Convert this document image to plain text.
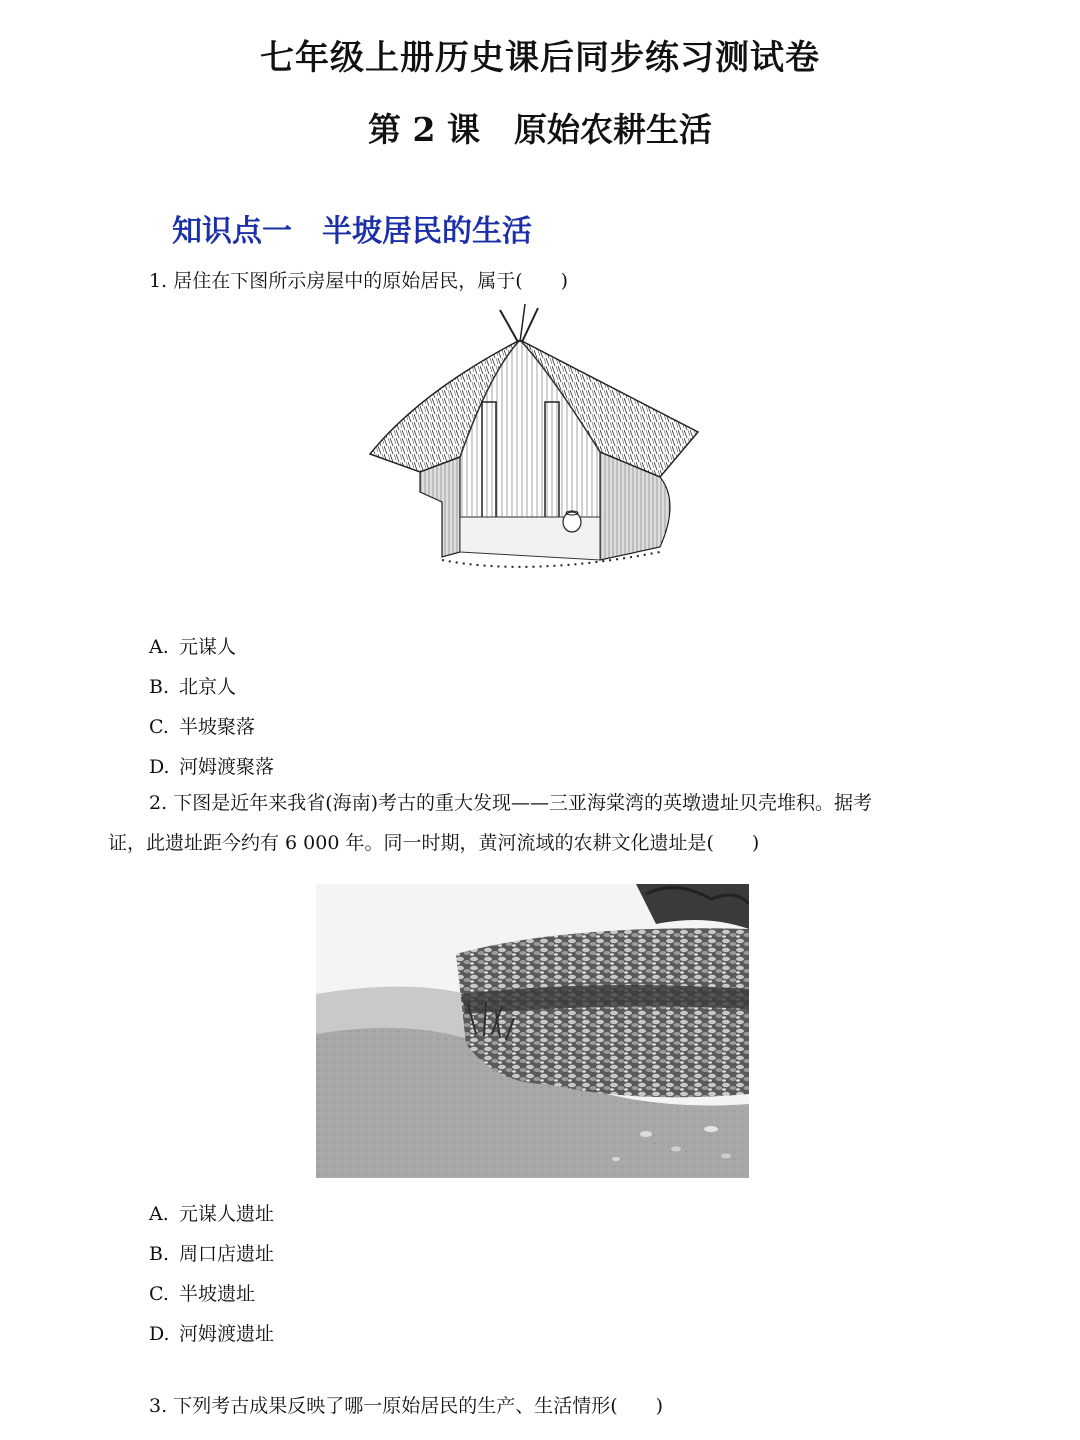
七年级上册历史课后同步练习测试卷
第 2 课 原始农耕生活
知识点一 半坡居民的生活
1. 居住在下图所示房屋中的原始居民，属于(　　)
A. 元谋人
B. 北京人
C. 半坡聚落
D. 河姆渡聚落
2. 下图是近年来我省(海南)考古的重大发现——三亚海棠湾的英墩遗址贝壳堆积。据考
证，此遗址距今约有 6 000 年。同一时期，黄河流域的农耕文化遗址是(　　)
A. 元谋人遗址
B. 周口店遗址
C. 半坡遗址
D. 河姆渡遗址
3. 下列考古成果反映了哪一原始居民的生产、生活情形(　　)
